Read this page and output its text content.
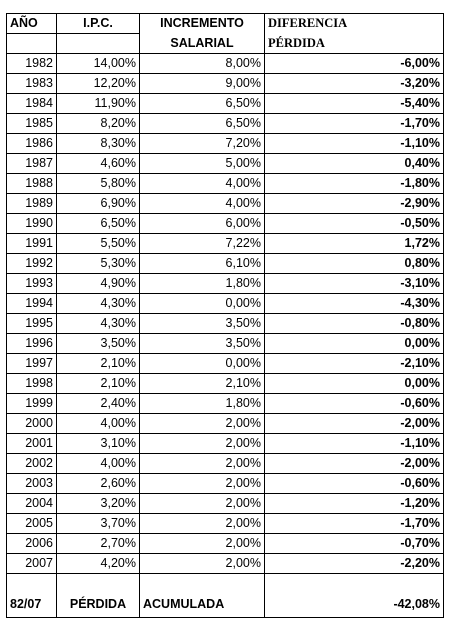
AÑO	I.P.C.	INCREMENTO	DIFERENCIA
		SALARIAL	PÉRDIDA
1982	14,00%	8,00%	-6,00%
1983	12,20%	9,00%	-3,20%
1984	11,90%	6,50%	-5,40%
1985	8,20%	6,50%	-1,70%
1986	8,30%	7,20%	-1,10%
1987	4,60%	5,00%	0,40%
1988	5,80%	4,00%	-1,80%
1989	6,90%	4,00%	-2,90%
1990	6,50%	6,00%	-0,50%
1991	5,50%	7,22%	1,72%
1992	5,30%	6,10%	0,80%
1993	4,90%	1,80%	-3,10%
1994	4,30%	0,00%	-4,30%
1995	4,30%	3,50%	-0,80%
1996	3,50%	3,50%	0,00%
1997	2,10%	0,00%	-2,10%
1998	2,10%	2,10%	0,00%
1999	2,40%	1,80%	-0,60%
2000	4,00%	2,00%	-2,00%
2001	3,10%	2,00%	-1,10%
2002	4,00%	2,00%	-2,00%
2003	2,60%	2,00%	-0,60%
2004	3,20%	2,00%	-1,20%
2005	3,70%	2,00%	-1,70%
2006	2,70%	2,00%	-0,70%
2007	4,20%	2,00%	-2,20%

82/07	PÉRDIDA	ACUMULADA	-42,08%
